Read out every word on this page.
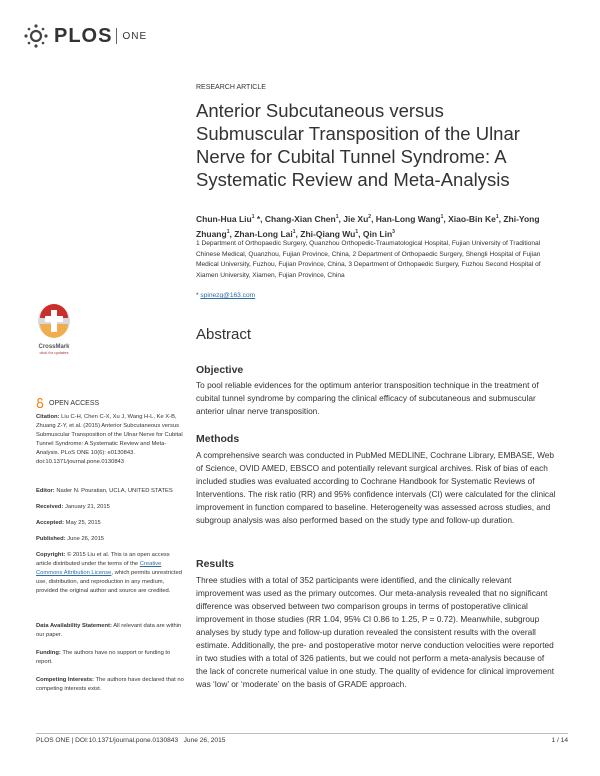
PLOS ONE
RESEARCH ARTICLE
Anterior Subcutaneous versus Submuscular Transposition of the Ulnar Nerve for Cubital Tunnel Syndrome: A Systematic Review and Meta-Analysis
Chun-Hua Liu$^1$ *, Chang-Xian Chen$^1$, Jie Xu$^2$, Han-Long Wang$^1$, Xiao-Bin Ke$^1$, Zhi-Yong Zhuang$^1$, Zhan-Long Lai$^1$, Zhi-Qiang Wu$^1$, Qin Lin$^3$
1 Department of Orthopaedic Surgery, Quanzhou Orthopedic-Traumatological Hospital, Fujian University of Traditional Chinese Medical, Quanzhou, Fujian Province, China, 2 Department of Orthopaedic Surgery, Shengli Hospital of Fujian Medical University, Fuzhou, Fujian Province, China, 3 Department of Orthopaedic Surgery, Fuzhou Second Hospital of Xiamen University, Xiamen, Fujian Province, China
* spinezg@163.com
Abstract
Objective
To pool reliable evidences for the optimum anterior transposition technique in the treatment of cubital tunnel syndrome by comparing the clinical efficacy of subcutaneous and submuscular anterior ulnar nerve transposition.
Methods
A comprehensive search was conducted in PubMed MEDLINE, Cochrane Library, EMBASE, Web of Science, OVID AMED, EBSCO and potentially relevant surgical archives. Risk of bias of each included studies was evaluated according to Cochrane Handbook for Systematic Reviews of Interventions. The risk ratio (RR) and 95% confidence intervals (CI) were calculated for the clinical improvement in function compared to baseline. Heterogeneity was assessed across studies, and subgroup analysis was also performed based on the study type and follow-up duration.
Results
Three studies with a total of 352 participants were identified, and the clinically relevant improvement was used as the primary outcomes. Our meta-analysis revealed that no significant difference was observed between two comparison groups in terms of postoperative clinical improvement in those studies (RR 1.04, 95% CI 0.86 to 1.25, P = 0.72). Meanwhile, subgroup analyses by study type and follow-up duration revealed the consistent results with the overall estimate. Additionally, the pre- and postoperative motor nerve conduction velocities were reported in two studies with a total of 326 patients, but we could not perform a meta-analysis because of the lack of concrete numerical value in one study. The quality of evidence for clinical improvement was ‘low’ or ‘moderate’ on the basis of GRADE approach.
CrossMark
click for updates
OPEN ACCESS
Citation: Liu C-H, Chen C-X, Xu J, Wang H-L, Ke X-B, Zhuang Z-Y, et al. (2015) Anterior Subcutaneous versus Submuscular Transposition of the Ulnar Nerve for Cubital Tunnel Syndrome: A Systematic Review and Meta-Analysis. PLoS ONE 10(6): e0130843. doi:10.1371/journal.pone.0130843
Editor: Nader N. Pouratian, UCLA, UNITED STATES
Received: January 21, 2015
Accepted: May 25, 2015
Published: June 26, 2015
Copyright: © 2015 Liu et al. This is an open access article distributed under the terms of the Creative Commons Attribution License, which permits unrestricted use, distribution, and reproduction in any medium, provided the original author and source are credited.
Data Availability Statement: All relevant data are within our paper.
Funding: The authors have no support or funding to report.
Competing Interests: The authors have declared that no competing interests exist.
PLOS ONE | DOI:10.1371/journal.pone.0130843   June 26, 2015	1 / 14
